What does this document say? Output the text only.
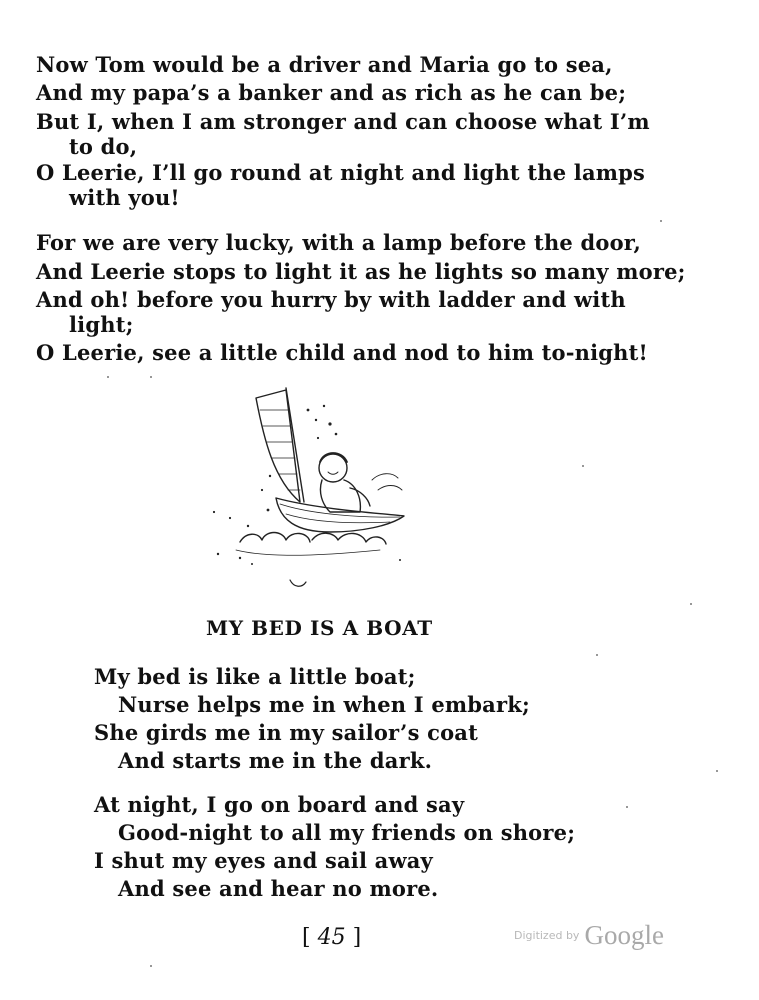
Now Tom would be a driver and Maria go to sea,
And my papa’s a banker and as rich as he can be;
But I, when I am stronger and can choose what I’m
to do,
O Leerie, I’ll go round at night and light the lamps
with you!
For we are very lucky, with a lamp before the door,
And Leerie stops to light it as he lights so many more;
And oh! before you hurry by with ladder and with
light;
O Leerie, see a little child and nod to him to-night!
MY BED IS A BOAT
My bed is like a little boat;
Nurse helps me in when I embark;
She girds me in my sailor’s coat
And starts me in the dark.
At night, I go on board and say
Good-night to all my friends on shore;
I shut my eyes and sail away
And see and hear no more.
[ 45 ]	Digitized by Google
